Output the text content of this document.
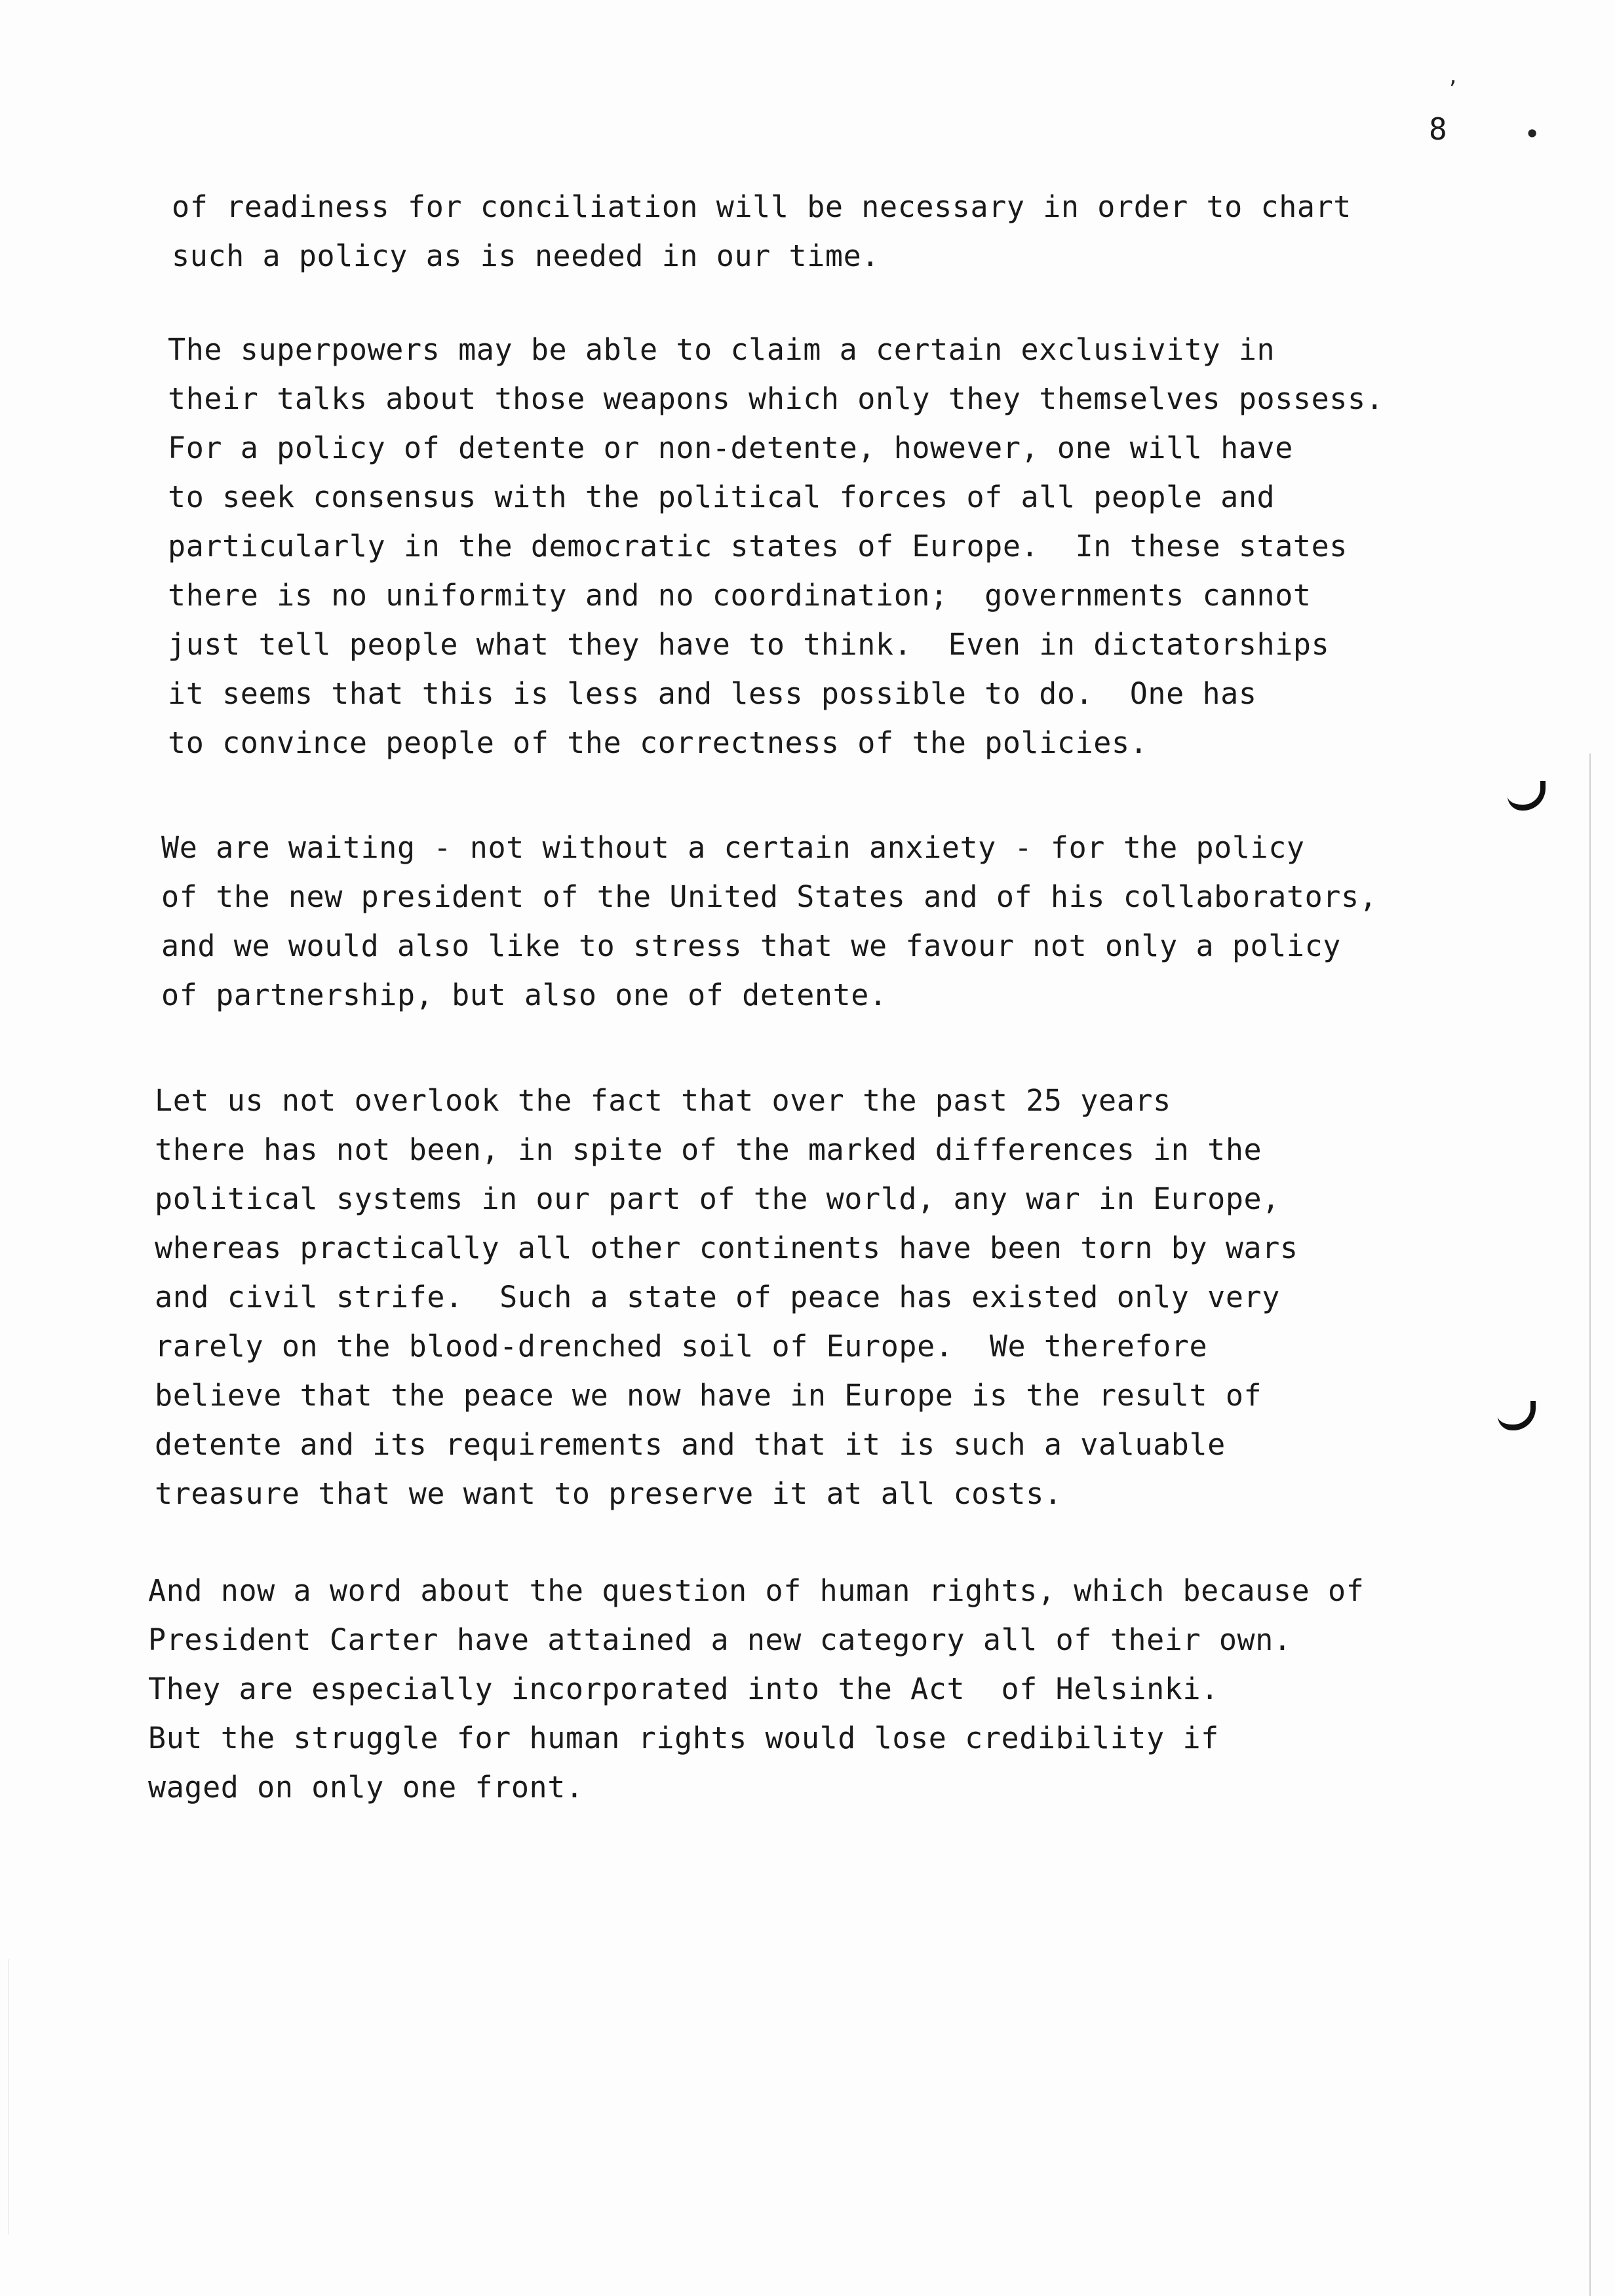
,
8	•
of readiness for conciliation will be necessary in order to chart
such a policy as is needed in our time.
The superpowers may be able to claim a certain exclusivity in
their talks about those weapons which only they themselves possess.
For a policy of detente or non-detente, however, one will have
to seek consensus with the political forces of all people and
particularly in the democratic states of Europe.  In these states
there is no uniformity and no coordination;  governments cannot
just tell people what they have to think.  Even in dictatorships
it seems that this is less and less possible to do.  One has
to convince people of the correctness of the policies.
We are waiting - not without a certain anxiety - for the policy
of the new president of the United States and of his collaborators,
and we would also like to stress that we favour not only a policy
of partnership, but also one of detente.
Let us not overlook the fact that over the past 25 years
there has not been, in spite of the marked differences in the
political systems in our part of the world, any war in Europe,
whereas practically all other continents have been torn by wars
and civil strife.  Such a state of peace has existed only very
rarely on the blood-drenched soil of Europe.  We therefore
believe that the peace we now have in Europe is the result of
detente and its requirements and that it is such a valuable
treasure that we want to preserve it at all costs.
And now a word about the question of human rights, which because of
President Carter have attained a new category all of their own.
They are especially incorporated into the Act  of Helsinki.
But the struggle for human rights would lose credibility if
waged on only one front.
